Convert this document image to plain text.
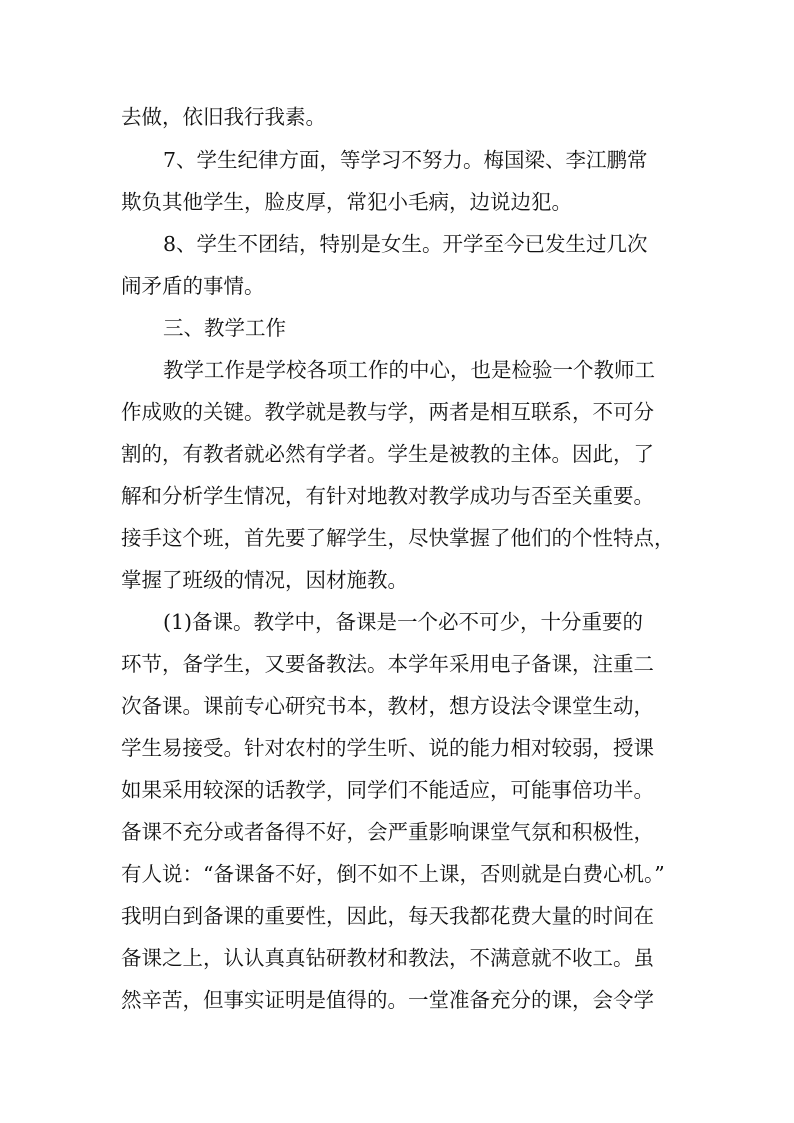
去做，依旧我行我素。
7、学生纪律方面，等学习不努力。梅国梁、李江鹏常
欺负其他学生，脸皮厚，常犯小毛病，边说边犯。
8、学生不团结，特别是女生。开学至今已发生过几次
闹矛盾的事情。
三、教学工作
教学工作是学校各项工作的中心，也是检验一个教师工
作成败的关键。教学就是教与学，两者是相互联系，不可分
割的，有教者就必然有学者。学生是被教的主体。因此，了
解和分析学生情况，有针对地教对教学成功与否至关重要。
接手这个班，首先要了解学生，尽快掌握了他们的个性特点，
掌握了班级的情况，因材施教。
(1)备课。教学中，备课是一个必不可少，十分重要的
环节，备学生，又要备教法。本学年采用电子备课，注重二
次备课。课前专心研究书本，教材，想方设法令课堂生动，
学生易接受。针对农村的学生听、说的能力相对较弱，授课
如果采用较深的话教学，同学们不能适应，可能事倍功半。
备课不充分或者备得不好，会严重影响课堂气氛和积极性，
有人说：“备课备不好，倒不如不上课，否则就是白费心机。”
我明白到备课的重要性，因此，每天我都花费大量的时间在
备课之上，认认真真钻研教材和教法，不满意就不收工。虽
然辛苦，但事实证明是值得的。一堂准备充分的课，会令学
